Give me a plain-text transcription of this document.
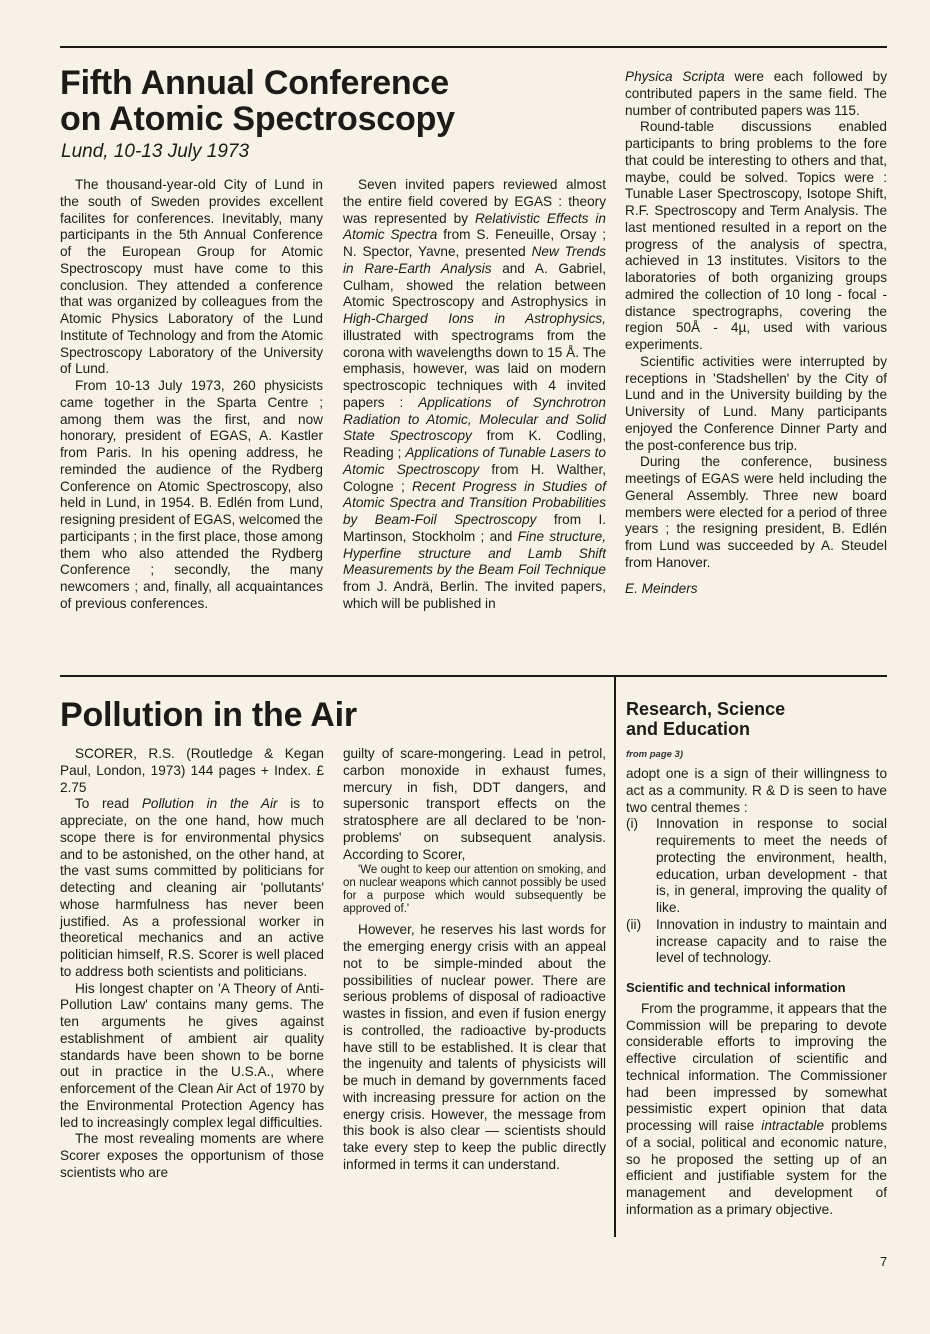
Fifth Annual Conference
on Atomic Spectroscopy
Lund, 10-13 July 1973

The thousand-year-old City of Lund in the south of Sweden provides excellent facilites for conferences. Inevitably, many participants in the 5th Annual Conference of the European Group for Atomic Spectroscopy must have come to this conclusion. They attended a conference that was organized by colleagues from the Atomic Physics Laboratory of the Lund Institute of Technology and from the Atomic Spectroscopy Laboratory of the University of Lund.

From 10-13 July 1973, 260 physicists came together in the Sparta Centre ; among them was the first, and now honorary, president of EGAS, A. Kastler from Paris. In his opening address, he reminded the audience of the Rydberg Conference on Atomic Spectroscopy, also held in Lund, in 1954. B. Edlén from Lund, resigning president of EGAS, welcomed the participants ; in the first place, those among them who also attended the Rydberg Conference ; secondly, the many newcomers ; and, finally, all acquaintances of previous conferences.

Seven invited papers reviewed almost the entire field covered by EGAS : theory was represented by Relativistic Effects in Atomic Spectra from S. Feneuille, Orsay ; N. Spector, Yavne, presented New Trends in Rare-Earth Analysis and A. Gabriel, Culham, showed the relation between Atomic Spectroscopy and Astrophysics in High-Charged Ions in Astrophysics, illustrated with spectrograms from the corona with wavelengths down to 15 Å. The emphasis, however, was laid on modern spectroscopic techniques with 4 invited papers : Applications of Synchrotron Radiation to Atomic, Molecular and Solid State Spectroscopy from K. Codling, Reading ; Applications of Tunable Lasers to Atomic Spectroscopy from H. Walther, Cologne ; Recent Progress in Studies of Atomic Spectra and Transition Probabilities by Beam-Foil Spectroscopy from I. Martinson, Stockholm ; and Fine structure, Hyperfine structure and Lamb Shift Measurements by the Beam Foil Technique from J. Andrä, Berlin. The invited papers, which will be published in

Physica Scripta were each followed by contributed papers in the same field. The number of contributed papers was 115.

Round-table discussions enabled participants to bring problems to the fore that could be interesting to others and that, maybe, could be solved. Topics were : Tunable Laser Spectroscopy, Isotope Shift, R.F. Spectroscopy and Term Analysis. The last mentioned resulted in a report on the progress of the analysis of spectra, achieved in 13 institutes. Visitors to the laboratories of both organizing groups admired the collection of 10 long - focal - distance spectrographs, covering the region 50Å - 4µ, used with various experiments.

Scientific activities were interrupted by receptions in 'Stadshellen' by the City of Lund and in the University building by the University of Lund. Many participants enjoyed the Conference Dinner Party and the post-conference bus trip.

During the conference, business meetings of EGAS were held including the General Assembly. Three new board members were elected for a period of three years ; the resigning president, B. Edlén from Lund was succeeded by A. Steudel from Hanover.

E. Meinders

Pollution in the Air

SCORER, R.S. (Routledge & Kegan Paul, London, 1973) 144 pages + Index. £ 2.75

To read Pollution in the Air is to appreciate, on the one hand, how much scope there is for environmental physics and to be astonished, on the other hand, at the vast sums committed by politicians for detecting and cleaning air 'pollutants' whose harmfulness has never been justified. As a professional worker in theoretical mechanics and an active politician himself, R.S. Scorer is well placed to address both scientists and politicians.

His longest chapter on 'A Theory of Anti-Pollution Law' contains many gems. The ten arguments he gives against establishment of ambient air quality standards have been shown to be borne out in practice in the U.S.A., where enforcement of the Clean Air Act of 1970 by the Environmental Protection Agency has led to increasingly complex legal difficulties.

The most revealing moments are where Scorer exposes the opportunism of those scientists who are

guilty of scare-mongering. Lead in petrol, carbon monoxide in exhaust fumes, mercury in fish, DDT dangers, and supersonic transport effects on the stratosphere are all declared to be 'non-problems' on subsequent analysis. According to Scorer,

'We ought to keep our attention on smoking, and on nuclear weapons which cannot possibly be used for a purpose which would subsequently be approved of.'

However, he reserves his last words for the emerging energy crisis with an appeal not to be simple-minded about the possibilities of nuclear power. There are serious problems of disposal of radioactive wastes in fission, and even if fusion energy is controlled, the radioactive by-products have still to be established. It is clear that the ingenuity and talents of physicists will be much in demand by governments faced with increasing pressure for action on the energy crisis. However, the message from this book is also clear — scientists should take every step to keep the public directly informed in terms it can understand.

Research, Science
and Education
from page 3)

adopt one is a sign of their willingness to act as a community. R & D is seen to have two central themes :

(i)	Innovation in response to social requirements to meet the needs of protecting the environment, health, education, urban development - that is, in general, improving the quality of like.
(ii)	Innovation in industry to maintain and increase capacity and to raise the level of technology.
Scientific and technical information

From the programme, it appears that the Commission will be preparing to devote considerable efforts to improving the effective circulation of scientific and technical information. The Commissioner had been impressed by somewhat pessimistic expert opinion that data processing will raise intractable problems of a social, political and economic nature, so he proposed the setting up of an efficient and justifiable system for the management and development of information as a primary objective.

7
